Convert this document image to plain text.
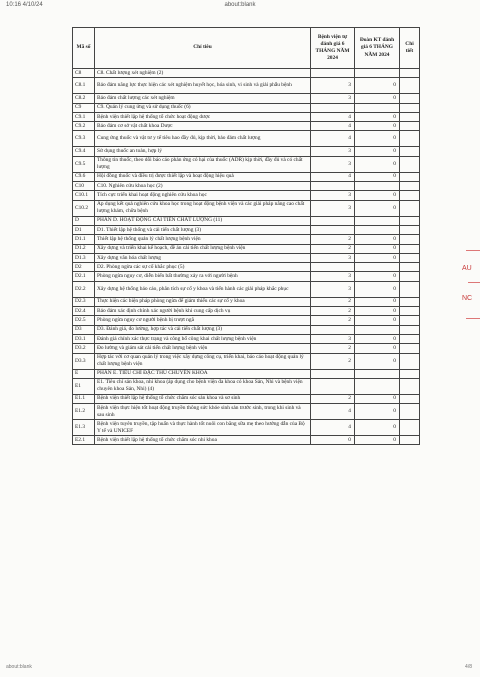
10:16 4/10/24	about:blank
Mã số	Chỉ tiêu	Bệnh viện tự đánh giá 6 THÁNG NĂM 2024	Đoàn KT đánh giá 6 THÁNG NĂM 2024	Chi tiết
C8	C8. Chất lượng xét nghiệm (2)			
C8.1	Bảo đảm năng lực thực hiện các xét nghiệm huyết học, hóa sinh, vi sinh và giải phẫu bệnh	3	0	
C8.2	Bảo đảm chất lượng các xét nghiệm	3	0	
C9	C9. Quản lý cung ứng và sử dụng thuốc (6)			
C9.1	Bệnh viện thiết lập hệ thống tổ chức hoạt động dược	4	0	
C9.2	Bảo đảm cơ sở vật chất khoa Dược	4	0	
C9.3	Cung ứng thuốc và vật tư y tế tiêu hao đầy đủ, kịp thời, bảo đảm chất lượng	4	0	
C9.4	Sử dụng thuốc an toàn, hợp lý	3	0	
C9.5	Thông tin thuốc, theo dõi báo cáo phản ứng có hại của thuốc (ADR) kịp thời, đầy đủ và có chất lượng	3	0	
C9.6	Hội đồng thuốc và điều trị được thiết lập và hoạt động hiệu quả	4	0	
C10	C10. Nghiên cứu khoa học (2)			
C10.1	Tích cực triển khai hoạt động nghiên cứu khoa học	3	0	
C10.2	Áp dụng kết quả nghiên cứu khoa học trong hoạt động bệnh viện và các giải pháp nâng cao chất lượng khám, chữa bệnh	3	0	
D	PHẦN D. HOẠT ĐỘNG CẢI TIẾN CHẤT LƯỢNG (11)			
D1	D1. Thiết lập hệ thống và cải tiến chất lượng (3)			
D1.1	Thiết lập hệ thống quản lý chất lượng bệnh viện	2	0	
D1.2	Xây dựng và triển khai kế hoạch, đề án cải tiến chất lượng bệnh viện	2	0	
D1.3	Xây dựng văn hóa chất lượng	3	0	
D2	D2. Phòng ngừa các sự cố khắc phục (5)			
D2.1	Phòng ngừa nguy cơ, diễn biến bất thường xảy ra với người bệnh	3	0	
D2.2	Xây dựng hệ thống báo cáo, phân tích sự cố y khoa và tiến hành các giải pháp khắc phục	3	0	
D2.3	Thực hiện các biện pháp phòng ngừa để giảm thiểu các sự cố y khoa	2	0	
D2.4	Bảo đảm xác định chính xác người bệnh khi cung cấp dịch vụ	2	0	
D2.5	Phòng ngừa nguy cơ người bệnh bị trượt ngã	2	0	
D3	D3. Đánh giá, đo lường, hợp tác và cải tiến chất lượng (3)			
D3.1	Đánh giá chính xác thực trạng và công bố công khai chất lượng bệnh viện	3	0	
D3.2	Đo lường và giám sát cải tiến chất lượng bệnh viện	2	0	
D3.3	Hợp tác với cơ quan quản lý trong việc xây dựng công cụ, triển khai, báo cáo hoạt động quản lý chất lượng bệnh viện	2	0	
E	PHẦN E. TIÊU CHÍ ĐẶC THÙ CHUYÊN KHOA			
E1	E1. Tiêu chí sản khoa, nhi khoa (áp dụng cho bệnh viện đa khoa có khoa Sản, Nhi và bệnh viện chuyên khoa Sản, Nhi) (4)			
E1.1	Bệnh viện thiết lập hệ thống tổ chức chăm sóc sản khoa và sơ sinh	2	0	
E1.2	Bệnh viện thực hiện tốt hoạt động truyền thông sức khỏe sinh sản trước sinh, trong khi sinh và sau sinh	4	0	
E1.3	Bệnh viện tuyên truyền, tập huấn và thực hành tốt nuôi con bằng sữa mẹ theo hướng dẫn của Bộ Y tế và UNICEF	4	0	
E2.1	Bệnh viện thiết lập hệ thống tổ chức chăm sóc nhi khoa	0	0	
AU
NC
about:blank	4/8
